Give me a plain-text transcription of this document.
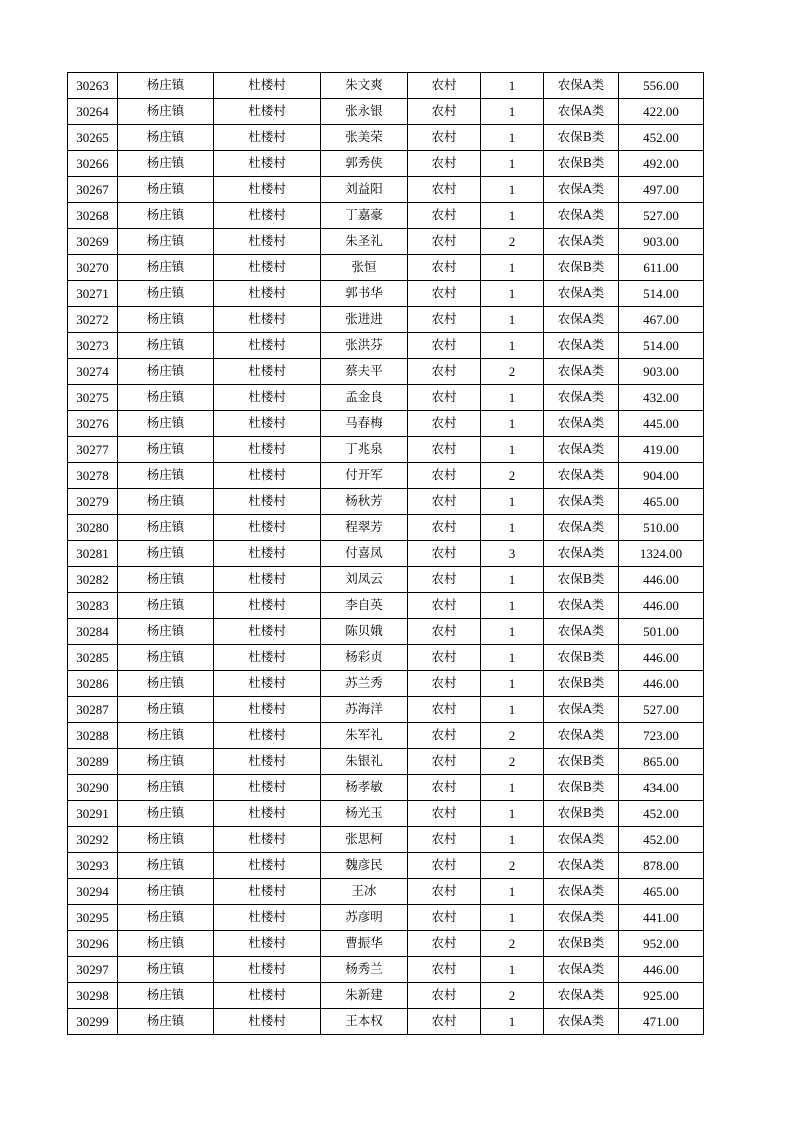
30263	杨庄镇	杜楼村	朱文爽	农村	1	农保A类	556.00
30264	杨庄镇	杜楼村	张永银	农村	1	农保A类	422.00
30265	杨庄镇	杜楼村	张美荣	农村	1	农保B类	452.00
30266	杨庄镇	杜楼村	郭秀侠	农村	1	农保B类	492.00
30267	杨庄镇	杜楼村	刘益阳	农村	1	农保A类	497.00
30268	杨庄镇	杜楼村	丁嘉豪	农村	1	农保A类	527.00
30269	杨庄镇	杜楼村	朱圣礼	农村	2	农保A类	903.00
30270	杨庄镇	杜楼村	张恒	农村	1	农保B类	611.00
30271	杨庄镇	杜楼村	郭书华	农村	1	农保A类	514.00
30272	杨庄镇	杜楼村	张进进	农村	1	农保A类	467.00
30273	杨庄镇	杜楼村	张洪芬	农村	1	农保A类	514.00
30274	杨庄镇	杜楼村	蔡夫平	农村	2	农保A类	903.00
30275	杨庄镇	杜楼村	孟金良	农村	1	农保A类	432.00
30276	杨庄镇	杜楼村	马春梅	农村	1	农保A类	445.00
30277	杨庄镇	杜楼村	丁兆泉	农村	1	农保A类	419.00
30278	杨庄镇	杜楼村	付开军	农村	2	农保A类	904.00
30279	杨庄镇	杜楼村	杨秋芳	农村	1	农保A类	465.00
30280	杨庄镇	杜楼村	程翠芳	农村	1	农保A类	510.00
30281	杨庄镇	杜楼村	付喜凤	农村	3	农保A类	1324.00
30282	杨庄镇	杜楼村	刘凤云	农村	1	农保B类	446.00
30283	杨庄镇	杜楼村	李自英	农村	1	农保A类	446.00
30284	杨庄镇	杜楼村	陈贝娥	农村	1	农保A类	501.00
30285	杨庄镇	杜楼村	杨彩贞	农村	1	农保B类	446.00
30286	杨庄镇	杜楼村	苏兰秀	农村	1	农保B类	446.00
30287	杨庄镇	杜楼村	苏海洋	农村	1	农保A类	527.00
30288	杨庄镇	杜楼村	朱军礼	农村	2	农保A类	723.00
30289	杨庄镇	杜楼村	朱银礼	农村	2	农保B类	865.00
30290	杨庄镇	杜楼村	杨孝敏	农村	1	农保B类	434.00
30291	杨庄镇	杜楼村	杨光玉	农村	1	农保B类	452.00
30292	杨庄镇	杜楼村	张思柯	农村	1	农保A类	452.00
30293	杨庄镇	杜楼村	魏彦民	农村	2	农保A类	878.00
30294	杨庄镇	杜楼村	王冰	农村	1	农保A类	465.00
30295	杨庄镇	杜楼村	苏彦明	农村	1	农保A类	441.00
30296	杨庄镇	杜楼村	曹振华	农村	2	农保B类	952.00
30297	杨庄镇	杜楼村	杨秀兰	农村	1	农保A类	446.00
30298	杨庄镇	杜楼村	朱新建	农村	2	农保A类	925.00
30299	杨庄镇	杜楼村	王本权	农村	1	农保A类	471.00
